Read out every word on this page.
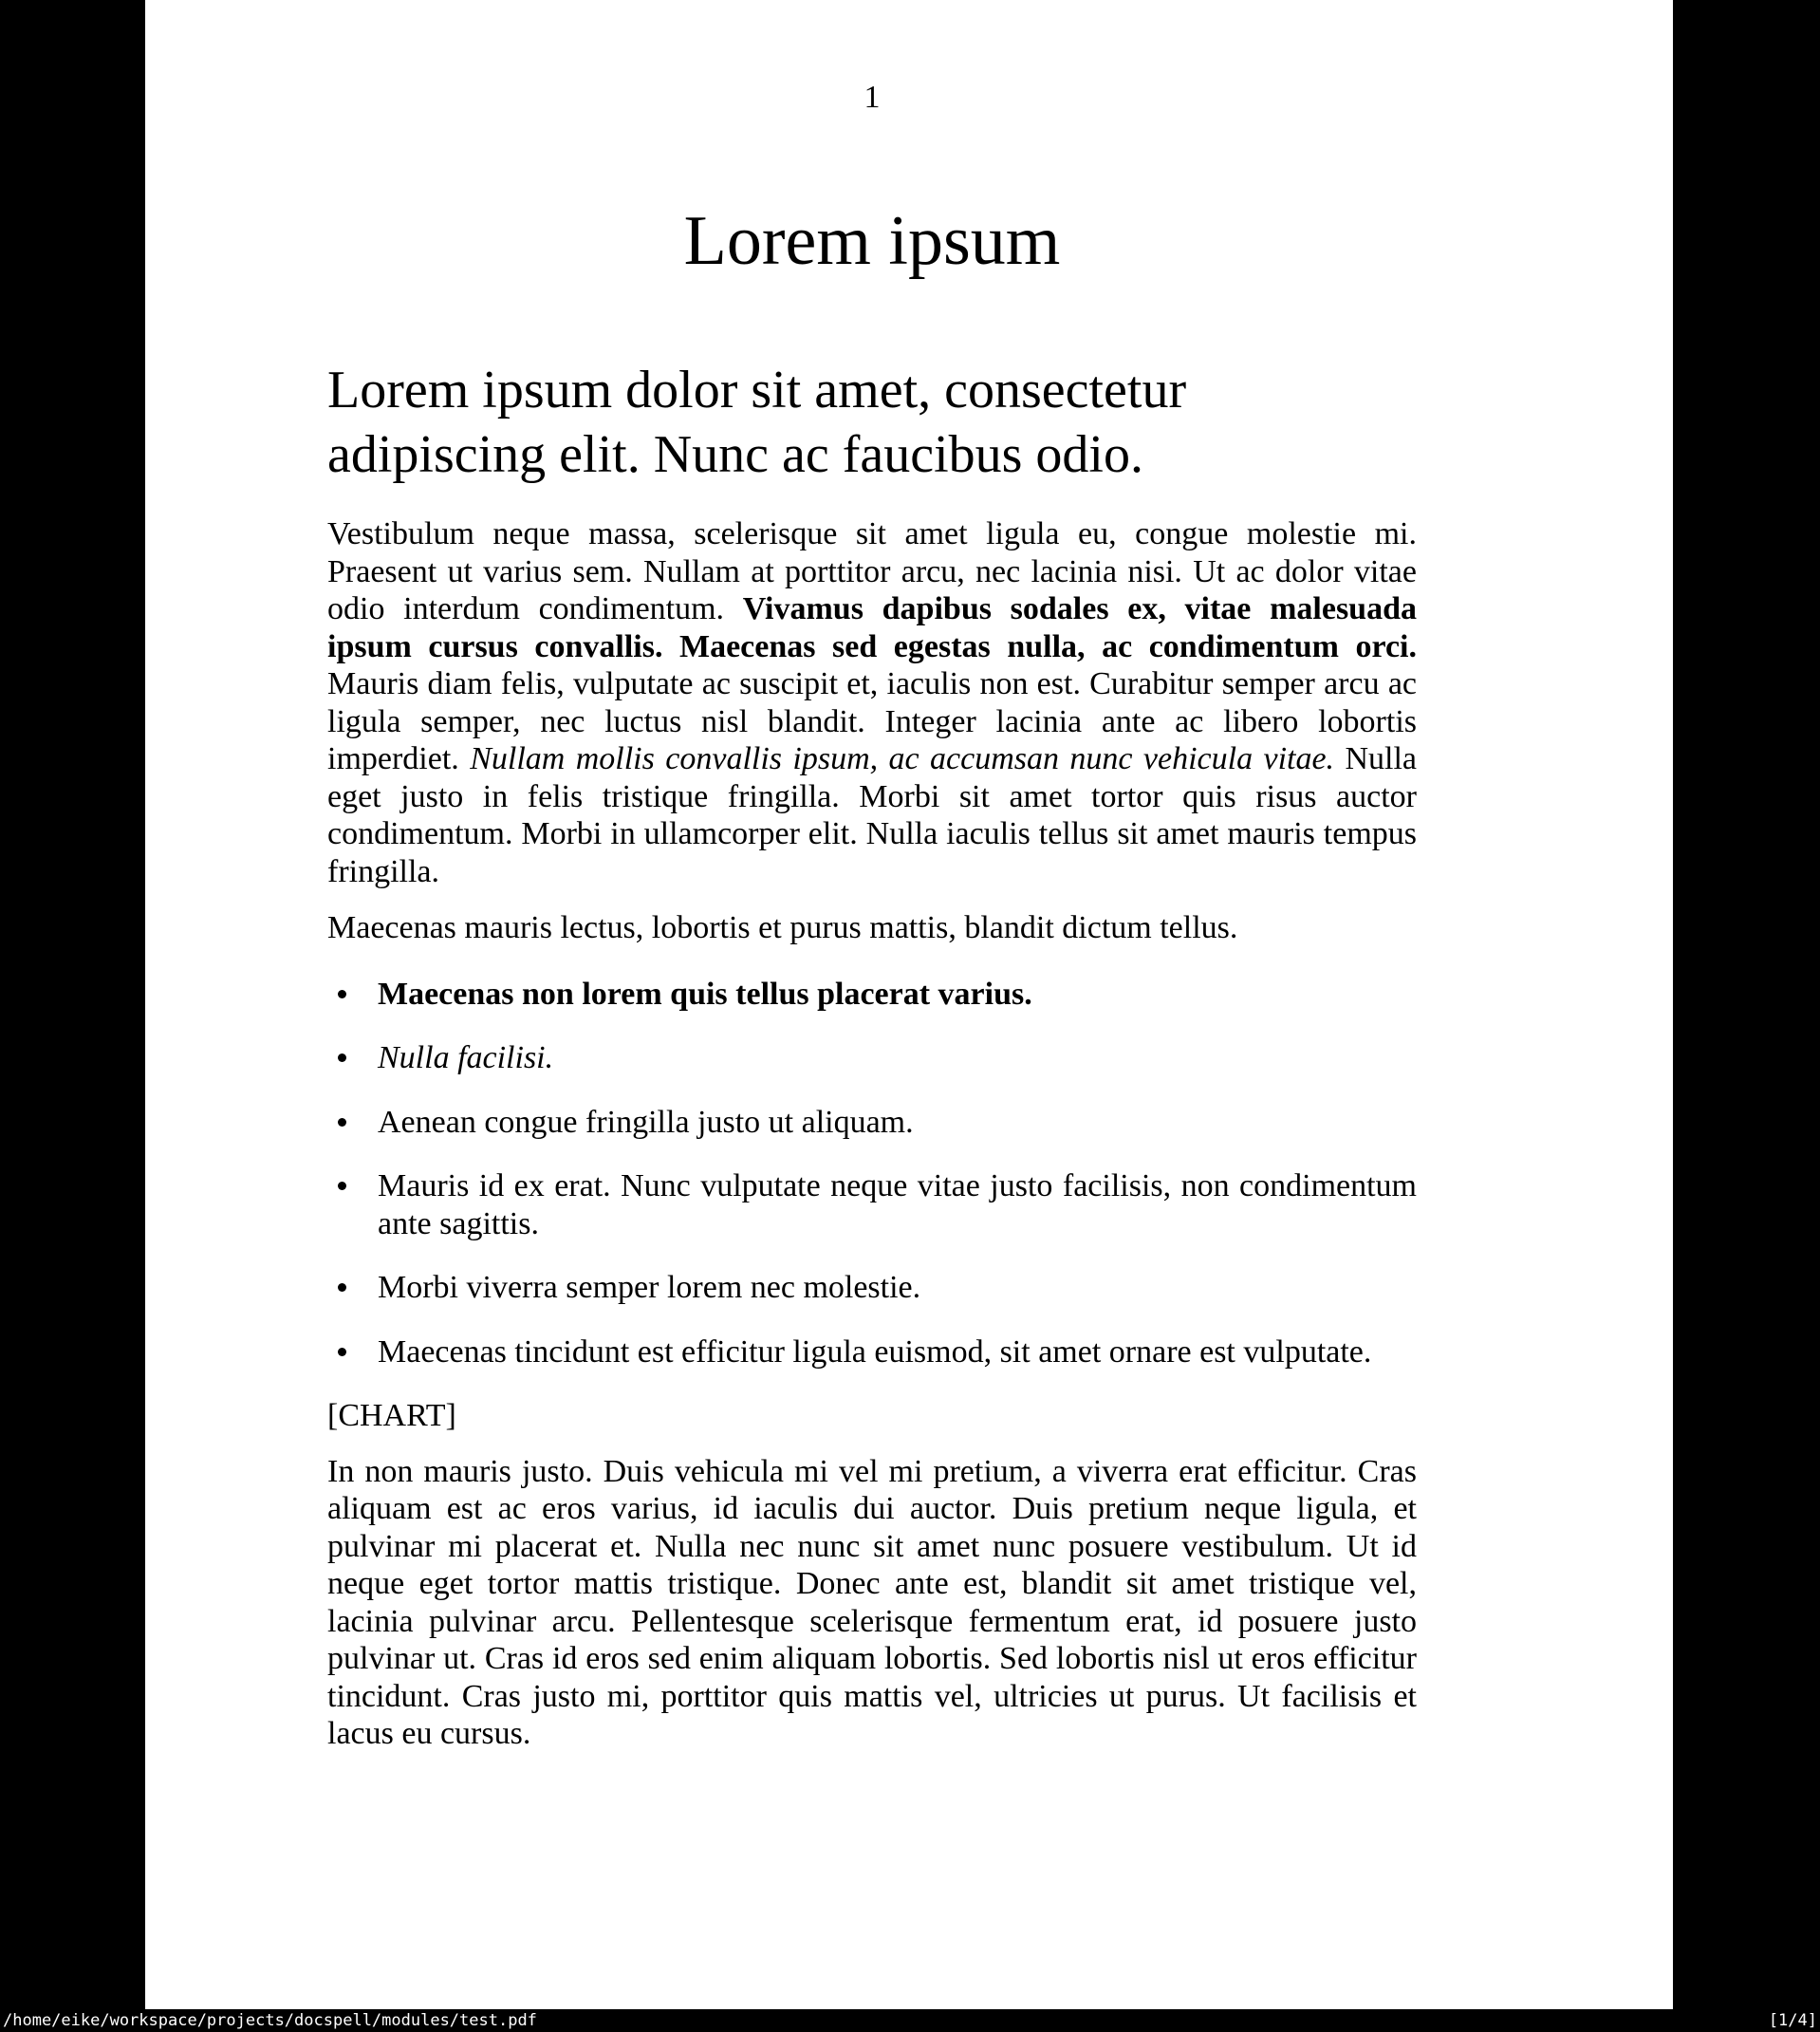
1
Lorem ipsum
Lorem ipsum dolor sit amet, consectetur adipiscing elit. Nunc ac faucibus odio.

Vestibulum neque massa, scelerisque sit amet ligula eu, congue molestie mi. Praesent ut varius sem. Nullam at porttitor arcu, nec lacinia nisi. Ut ac dolor vitae odio interdum condimentum. Vivamus dapibus sodales ex, vitae malesuada ipsum cursus convallis. Maecenas sed egestas nulla, ac condimentum orci. Mauris diam felis, vulputate ac suscipit et, iaculis non est. Curabitur semper arcu ac ligula semper, nec luctus nisl blandit. Integer lacinia ante ac libero lobortis imperdiet. Nullam mollis convallis ipsum, ac accumsan nunc vehicula vitae. Nulla eget justo in felis tristique fringilla. Morbi sit amet tortor quis risus auctor condimentum. Morbi in ullamcorper elit. Nulla iaculis tellus sit amet mauris tempus fringilla.

Maecenas mauris lectus, lobortis et purus mattis, blandit dictum tellus.

Maecenas non lorem quis tellus placerat varius.
Nulla facilisi.
Aenean congue fringilla justo ut aliquam.
Mauris id ex erat. Nunc vulputate neque vitae justo facilisis, non condimentum ante sagittis.
Morbi viverra semper lorem nec molestie.
Maecenas tincidunt est efficitur ligula euismod, sit amet ornare est vulputate.

[CHART]

In non mauris justo. Duis vehicula mi vel mi pretium, a viverra erat efficitur. Cras aliquam est ac eros varius, id iaculis dui auctor. Duis pretium neque ligula, et pulvinar mi placerat et. Nulla nec nunc sit amet nunc posuere vestibulum. Ut id neque eget tortor mattis tristique. Donec ante est, blandit sit amet tristique vel, lacinia pulvinar arcu. Pellentesque scelerisque fermentum erat, id posuere justo pulvinar ut. Cras id eros sed enim aliquam lobortis. Sed lobortis nisl ut eros efficitur tincidunt. Cras justo mi, porttitor quis mattis vel, ultricies ut purus. Ut facilisis et lacus eu cursus.

/home/eike/workspace/projects/docspell/modules/test.pdf	[1/4]
